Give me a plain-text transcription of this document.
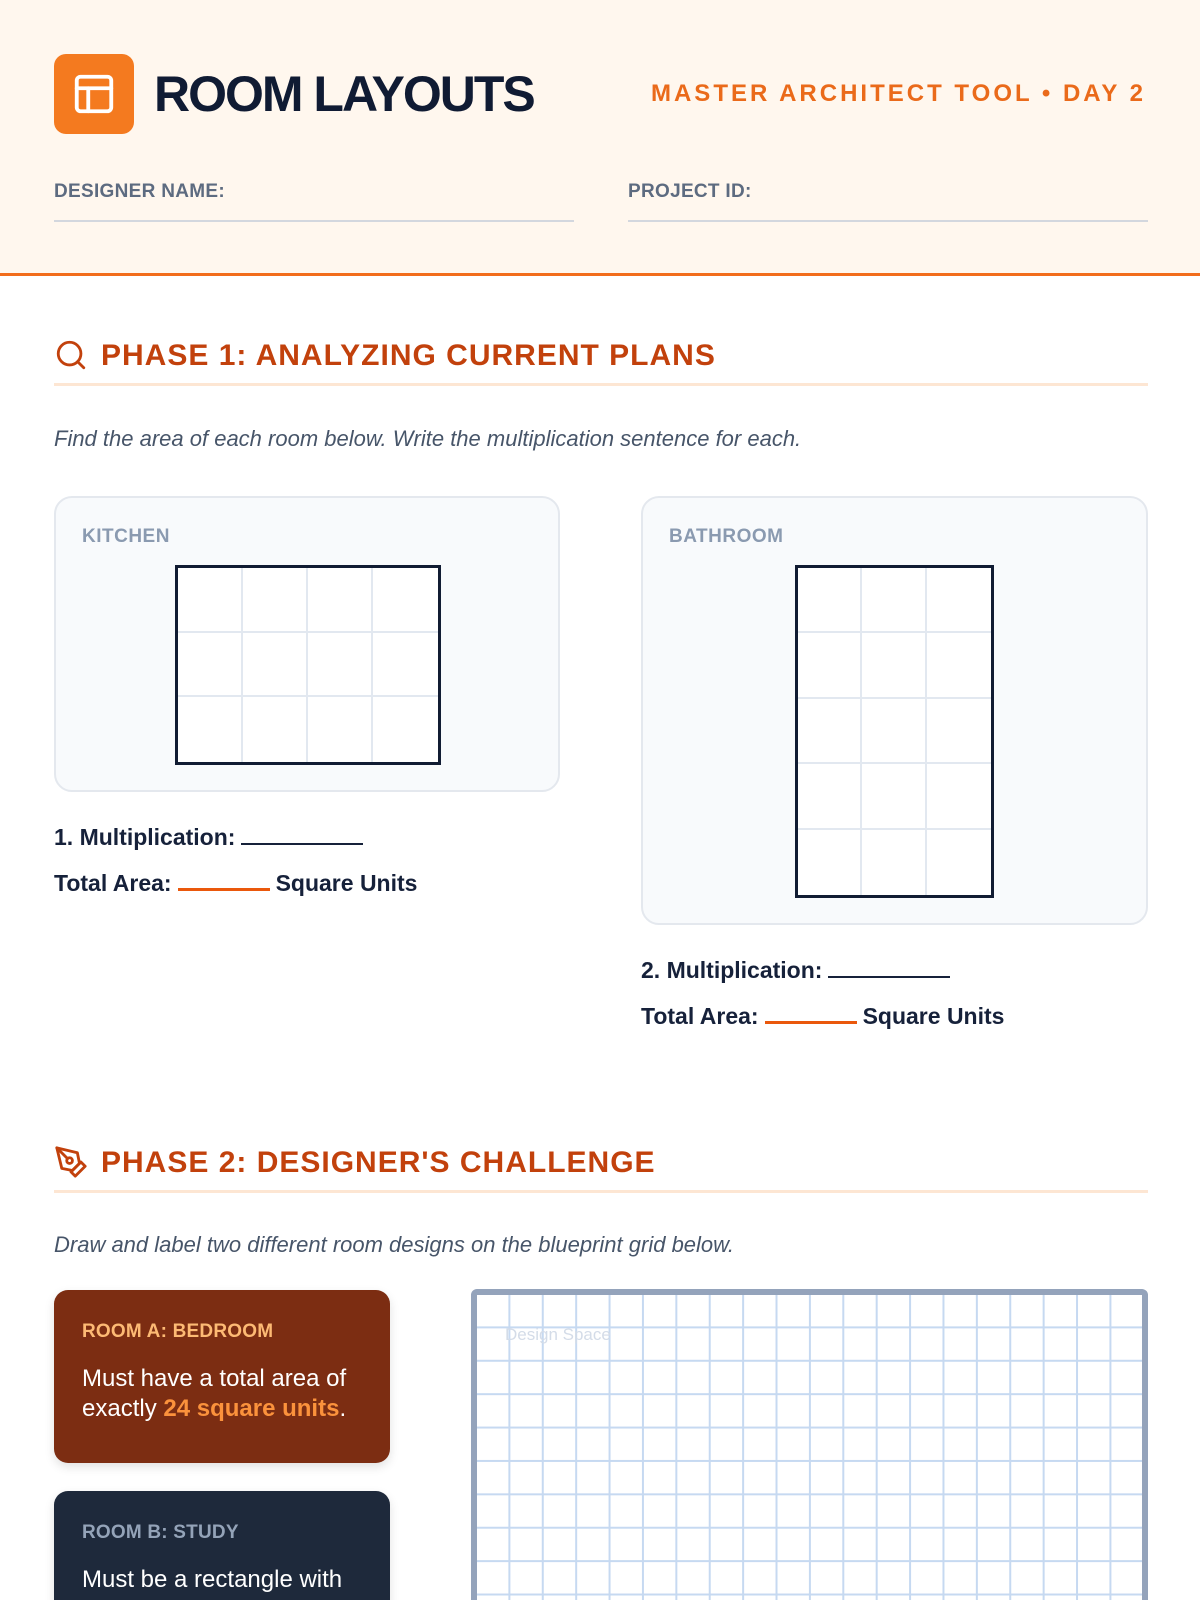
ROOM LAYOUTS	MASTER ARCHITECT TOOL • DAY 2
DESIGNER NAME:	PROJECT ID:
PHASE 1: ANALYZING CURRENT PLANS
Find the area of each room below. Write the multiplication sentence for each.
KITCHEN
1. Multiplication:
Total Area:	Square Units
BATHROOM
2. Multiplication:
Total Area:	Square Units
PHASE 2: DESIGNER'S CHALLENGE
Draw and label two different room designs on the blueprint grid below.
ROOM A: BEDROOM
Must have a total area of exactly 24 square units.
ROOM B: STUDY
Must be a rectangle with
Design Space
